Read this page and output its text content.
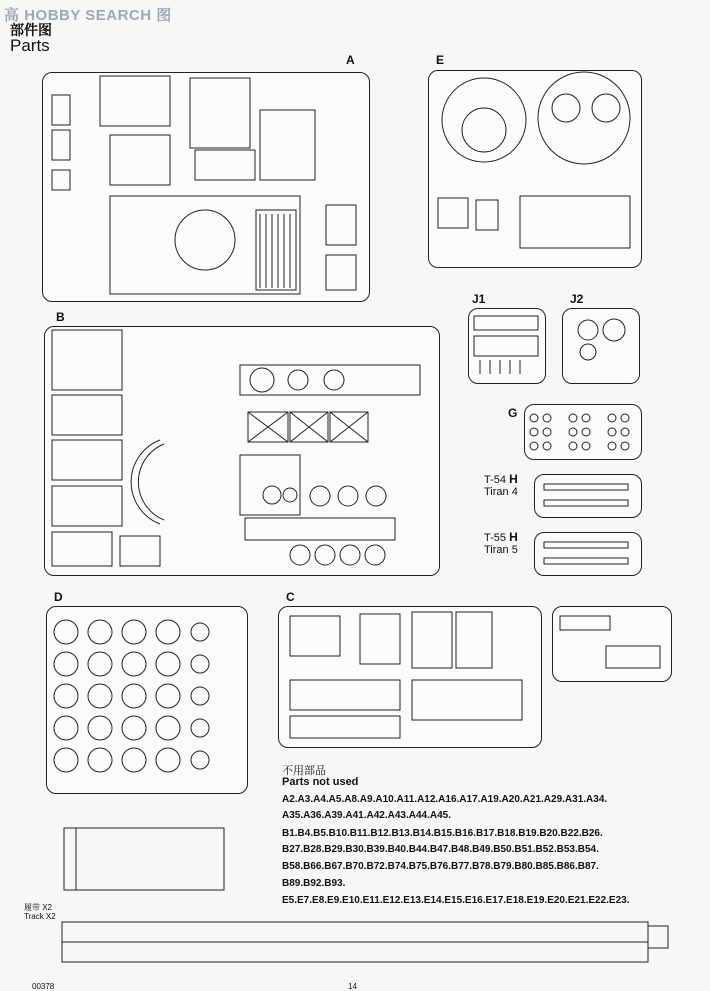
高 HOBBY SEARCH 图
部件图
Parts
A	E
B
J1	J2
G
D	C
T-54 H
Tiran 4
T-55 H
Tiran 5
不用部品
Parts not used
A2.A3.A4.A5.A8.A9.A10.A11.A12.A16.A17.A19.A20.A21.A29.A31.A34.
A35.A36.A39.A41.A42.A43.A44.A45.
B1.B4.B5.B10.B11.B12.B13.B14.B15.B16.B17.B18.B19.B20.B22.B26.
B27.B28.B29.B30.B39.B40.B44.B47.B48.B49.B50.B51.B52.B53.B54.
B58.B66.B67.B70.B72.B74.B75.B76.B77.B78.B79.B80.B85.B86.B87.
B89.B92.B93.
E5.E7.E8.E9.E10.E11.E12.E13.E14.E15.E16.E17.E18.E19.E20.E21.E22.E23.
履带 X2
Track X2
00378	14
